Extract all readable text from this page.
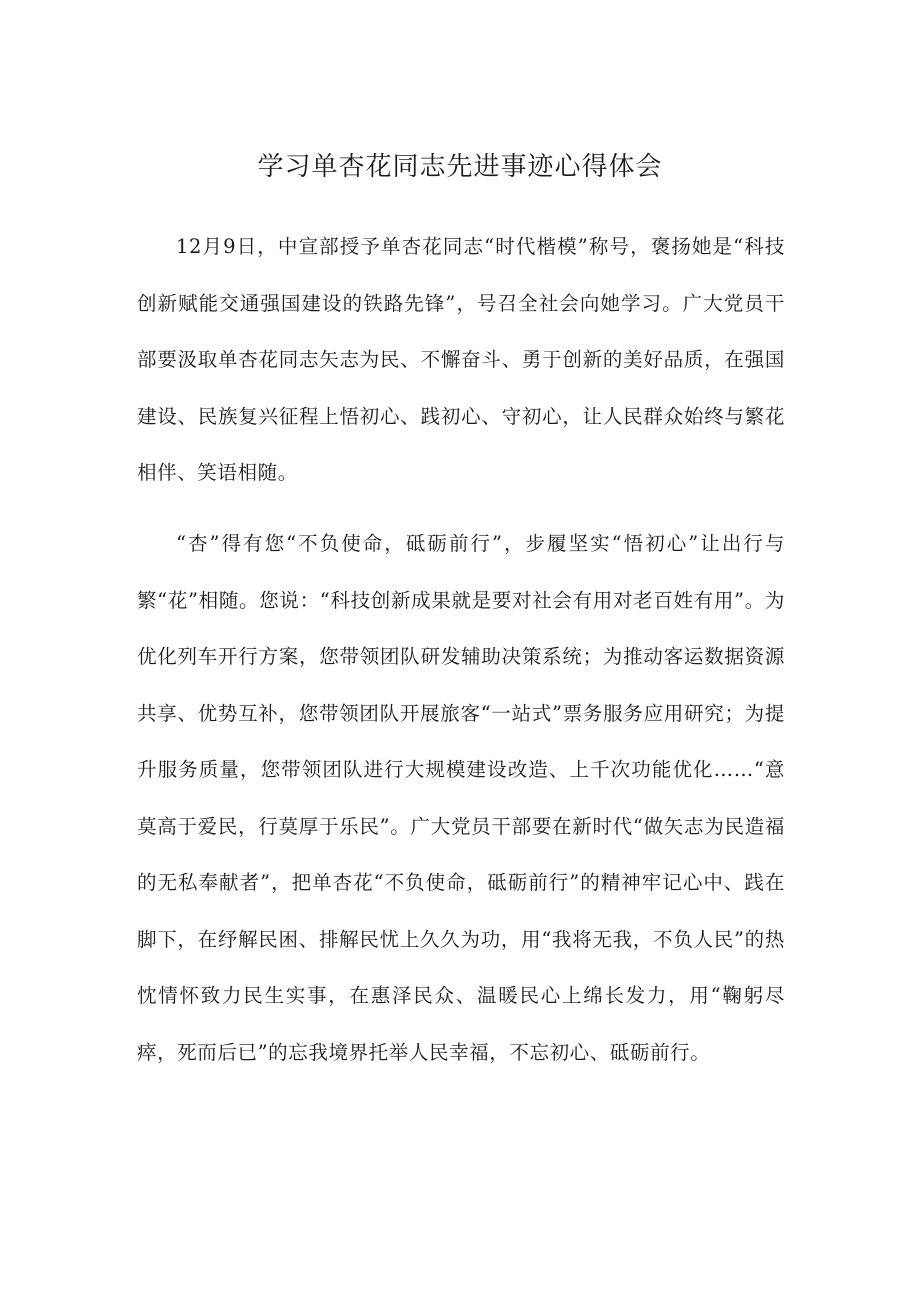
学习单杏花同志先进事迹心得体会

12月9日，中宣部授予单杏花同志“时代楷模”称号，褒扬她是“科技创新赋能交通强国建设的铁路先锋”，号召全社会向她学习。广大党员干部要汲取单杏花同志矢志为民、不懈奋斗、勇于创新的美好品质，在强国建设、民族复兴征程上悟初心、践初心、守初心，让人民群众始终与繁花相伴、笑语相随。

“杏”得有您“不负使命，砥砺前行”，步履坚实“悟初心”让出行与繁“花”相随。您说：“科技创新成果就是要对社会有用对老百姓有用”。为优化列车开行方案，您带领团队研发辅助决策系统；为推动客运数据资源共享、优势互补，您带领团队开展旅客“一站式”票务服务应用研究；为提升服务质量，您带领团队进行大规模建设改造、上千次功能优化……“意莫高于爱民，行莫厚于乐民”。广大党员干部要在新时代“做矢志为民造福的无私奉献者”，把单杏花“不负使命，砥砺前行”的精神牢记心中、践在脚下，在纾解民困、排解民忧上久久为功，用“我将无我，不负人民”的热忱情怀致力民生实事，在惠泽民众、温暖民心上绵长发力，用“鞠躬尽瘁，死而后已”的忘我境界托举人民幸福，不忘初心、砥砺前行。
